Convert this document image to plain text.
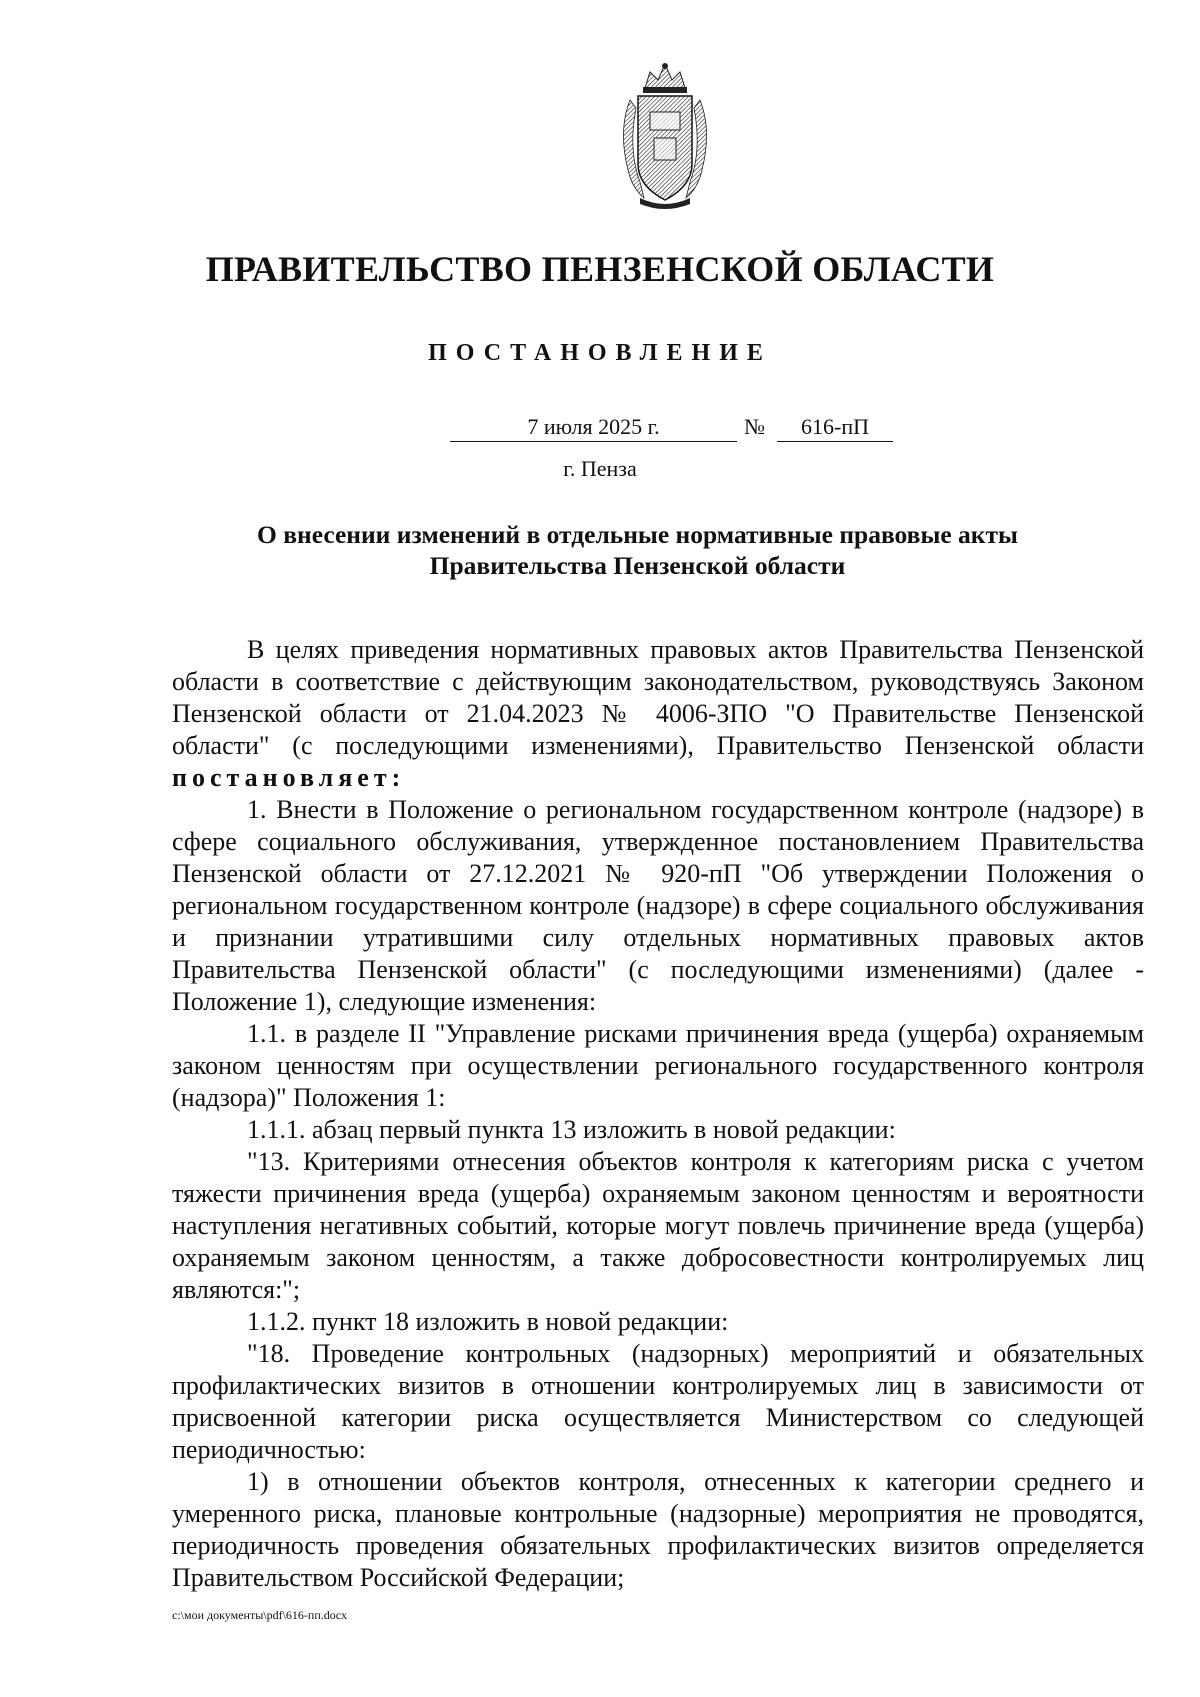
ПРАВИТЕЛЬСТВО ПЕНЗЕНСКОЙ ОБЛАСТИ
ПОСТАНОВЛЕНИЕ
7 июля 2025 г.	№	616-пП
г. Пенза
О внесении изменений в отдельные нормативные правовые акты
Правительства Пензенской области

В целях приведения нормативных правовых актов Правительства Пензенской области в соответствие с действующим законодательством, руководствуясь Законом Пензенской области от 21.04.2023 № 4006-ЗПО "О Правительстве Пензенской области" (с последующими изменениями), Правительство Пензенской области постановляет:

1. Внести в Положение о региональном государственном контроле (надзоре) в сфере социального обслуживания, утвержденное постановлением Правительства Пензенской области от 27.12.2021 № 920-пП "Об утверждении Положения о региональном государственном контроле (надзоре) в сфере социального обслуживания и признании утратившими силу отдельных нормативных правовых актов Правительства Пензенской области" (с последующими изменениями) (далее - Положение 1), следующие изменения:

1.1. в разделе II "Управление рисками причинения вреда (ущерба) охраняемым законом ценностям при осуществлении регионального государственного контроля (надзора)" Положения 1:

1.1.1. абзац первый пункта 13 изложить в новой редакции:

"13. Критериями отнесения объектов контроля к категориям риска с учетом тяжести причинения вреда (ущерба) охраняемым законом ценностям и вероятности наступления негативных событий, которые могут повлечь причинение вреда (ущерба) охраняемым законом ценностям, а также добросовестности контролируемых лиц являются:";

1.1.2. пункт 18 изложить в новой редакции:

"18. Проведение контрольных (надзорных) мероприятий и обязательных профилактических визитов в отношении контролируемых лиц в зависимости от присвоенной категории риска осуществляется Министерством со следующей периодичностью:

1) в отношении объектов контроля, отнесенных к категории среднего и умеренного риска, плановые контрольные (надзорные) мероприятия не проводятся, периодичность проведения обязательных профилактических визитов определяется Правительством Российской Федерации;

c:\мои документы\pdf\616-пп.docx
